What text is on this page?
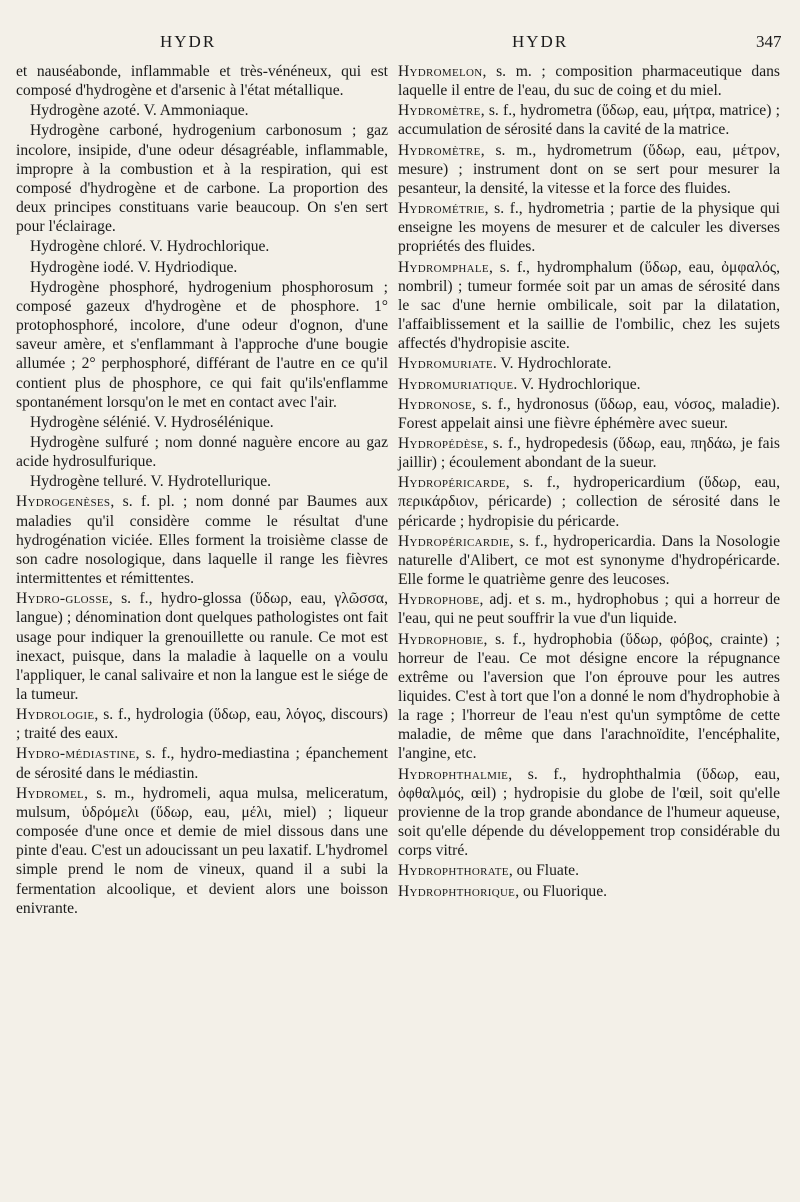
HYDR	HYDR	347
et nauséabonde, inflammable et très-vénéneux, qui est composé d'hydrogène et d'arsenic à l'état métallique.
Hydrogène azoté. V. Ammoniaque.
Hydrogène carboné, hydrogenium carbonosum ; gaz incolore, insipide, d'une odeur désagréable, inflammable, impropre à la combustion et à la respiration, qui est composé d'hydrogène et de carbone. La proportion des deux principes constituans varie beaucoup. On s'en sert pour l'éclairage.
Hydrogène chloré. V. Hydrochlorique.
Hydrogène iodé. V. Hydriodique.
Hydrogène phosphoré, hydrogenium phosphorosum ; composé gazeux d'hydrogène et de phosphore. 1° protophosphoré, incolore, d'une odeur d'ognon, d'une saveur amère, et s'enflammant à l'approche d'une bougie allumée ; 2° perphosphoré, différant de l'autre en ce qu'il contient plus de phosphore, ce qui fait qu'ils'enflamme spontanément lorsqu'on le met en contact avec l'air.
Hydrogène sélénié. V. Hydrosélénique.
Hydrogène sulfuré ; nom donné naguère encore au gaz acide hydrosulfurique.
Hydrogène telluré. V. Hydrotellurique.
Hydrogenèses, s. f. pl. ; nom donné par Baumes aux maladies qu'il considère comme le résultat d'une hydrogénation viciée. Elles forment la troisième classe de son cadre nosologique, dans laquelle il range les fièvres intermittentes et rémittentes.
Hydro-glosse, s. f., hydro-glossa (ὕδωρ, eau, γλῶσσα, langue) ; dénomination dont quelques pathologistes ont fait usage pour indiquer la grenouillette ou ranule. Ce mot est inexact, puisque, dans la maladie à laquelle on a voulu l'appliquer, le canal salivaire et non la langue est le siége de la tumeur.
Hydrologie, s. f., hydrologia (ὕδωρ, eau, λόγος, discours) ; traité des eaux.
Hydro-médiastine, s. f., hydro-mediastina ; épanchement de sérosité dans le médiastin.
Hydromel, s. m., hydromeli, aqua mulsa, meliceratum, mulsum, ὑδρόμελι (ὕδωρ, eau, μέλι, miel) ; liqueur composée d'une once et demie de miel dissous dans une pinte d'eau. C'est un adoucissant un peu laxatif. L'hydromel simple prend le nom de vineux, quand il a subi la fermentation alcoolique, et devient alors une boisson enivrante.
Hydromelon, s. m. ; composition pharmaceutique dans laquelle il entre de l'eau, du suc de coing et du miel.
Hydromètre, s. f., hydrometra (ὕδωρ, eau, μήτρα, matrice) ; accumulation de sérosité dans la cavité de la matrice.
Hydromètre, s. m., hydrometrum (ὕδωρ, eau, μέτρον, mesure) ; instrument dont on se sert pour mesurer la pesanteur, la densité, la vitesse et la force des fluides.
Hydrométrie, s. f., hydrometria ; partie de la physique qui enseigne les moyens de mesurer et de calculer les diverses propriétés des fluides.
Hydromphale, s. f., hydromphalum (ὕδωρ, eau, ὀμφαλός, nombril) ; tumeur formée soit par un amas de sérosité dans le sac d'une hernie ombilicale, soit par la dilatation, l'affaiblissement et la saillie de l'ombilic, chez les sujets affectés d'hydropisie ascite.
Hydromuriate. V. Hydrochlorate.
Hydromuriatique. V. Hydrochlorique.
Hydronose, s. f., hydronosus (ὕδωρ, eau, νόσος, maladie). Forest appelait ainsi une fièvre éphémère avec sueur.
Hydropédèse, s. f., hydropedesis (ὕδωρ, eau, πηδάω, je fais jaillir) ; écoulement abondant de la sueur.
Hydropéricarde, s. f., hydropericardium (ὕδωρ, eau, περικάρδιον, péricarde) ; collection de sérosité dans le péricarde ; hydropisie du péricarde.
Hydropéricardie, s. f., hydropericardia. Dans la Nosologie naturelle d'Alibert, ce mot est synonyme d'hydropéricarde. Elle forme le quatrième genre des leucoses.
Hydrophobe, adj. et s. m., hydrophobus ; qui a horreur de l'eau, qui ne peut souffrir la vue d'un liquide.
Hydrophobie, s. f., hydrophobia (ὕδωρ, φόβος, crainte) ; horreur de l'eau. Ce mot désigne encore la répugnance extrême ou l'aversion que l'on éprouve pour les autres liquides. C'est à tort que l'on a donné le nom d'hydrophobie à la rage ; l'horreur de l'eau n'est qu'un symptôme de cette maladie, de même que dans l'arachnoïdite, l'encéphalite, l'angine, etc.
Hydrophthalmie, s. f., hydrophthalmia (ὕδωρ, eau, ὀφθαλμός, œil) ; hydropisie du globe de l'œil, soit qu'elle provienne de la trop grande abondance de l'humeur aqueuse, soit qu'elle dépende du développement trop considérable du corps vitré.
Hydrophthorate, ou Fluate.
Hydrophthorique, ou Fluorique.
